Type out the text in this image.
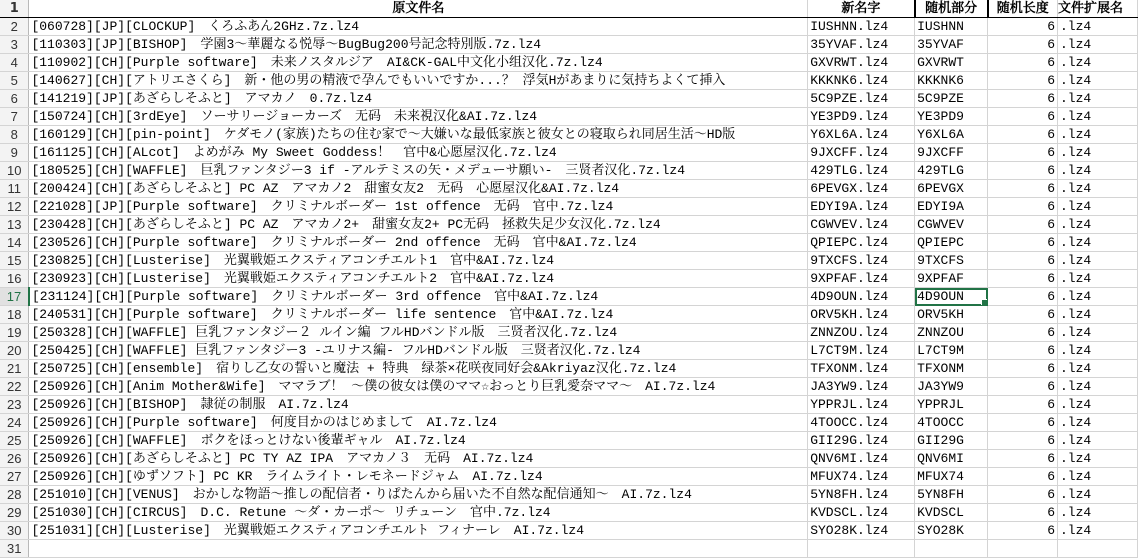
1	原文件名	新名字	随机部分	随机长度	文件扩展名
2	[060728][JP][CLOCKUP]　くろふあん2GHz.7z.lz4	IUSHNN.lz4	IUSHNN	6	.lz4
3	[110303][JP][BISHOP]　学園3～華麗なる悦辱～BugBug200号記念特別版.7z.lz4	35YVAF.lz4	35YVAF	6	.lz4
4	[110902][CH][Purple software]　未来ノスタルジア　AI&CK-GAL中文化小组汉化.7z.lz4	GXVRWT.lz4	GXVRWT	6	.lz4
5	[140627][CH][アトリエさくら]　新・他の男の精液で孕んでもいいですか...？ 浮気Hがあまりに気持ちよくて挿入	KKKNK6.lz4	KKKNK6	6	.lz4
6	[141219][JP][あざらしそふと]　アマカノ　0.7z.lz4	5C9PZE.lz4	5C9PZE	6	.lz4
7	[150724][CH][3rdEye]　ソーサリージョーカーズ　无码　未来視汉化&AI.7z.lz4	YE3PD9.lz4	YE3PD9	6	.lz4
8	[160129][CH][pin-point]　ケダモノ(家族)たちの住む家で～大嫌いな最低家族と彼女との寝取られ同居生活～HD版	Y6XL6A.lz4	Y6XL6A	6	.lz4
9	[161125][CH][ALcot]　よめがみ My Sweet Goddess！　官中&心愿屋汉化.7z.lz4	9JXCFF.lz4	9JXCFF	6	.lz4
10	[180525][CH][WAFFLE]　巨乳ファンタジー3 if -アルテミスの矢・メデューサ願い-　三贤者汉化.7z.lz4	429TLG.lz4	429TLG	6	.lz4
11	[200424][CH][あざらしそふと] PC AZ　アマカノ2　甜蜜女友2　无码　心愿屋汉化&AI.7z.lz4	6PEVGX.lz4	6PEVGX	6	.lz4
12	[221028][JP][Purple software]　クリミナルボーダー 1st offence　无码　官中.7z.lz4	EDYI9A.lz4	EDYI9A	6	.lz4
13	[230428][CH][あざらしそふと] PC AZ　アマカノ2+　甜蜜女友2+ PC无码　拯救失足少女汉化.7z.lz4	CGWVEV.lz4	CGWVEV	6	.lz4
14	[230526][CH][Purple software]　クリミナルボーダー 2nd offence　无码　官中&AI.7z.lz4	QPIEPC.lz4	QPIEPC	6	.lz4
15	[230825][CH][Lusterise]　光翼戦姫エクスティアコンチエルト1　官中&AI.7z.lz4	9TXCFS.lz4	9TXCFS	6	.lz4
16	[230923][CH][Lusterise]　光翼戦姫エクスティアコンチエルト2　官中&AI.7z.lz4	9XPFAF.lz4	9XPFAF	6	.lz4
17	[231124][CH][Purple software]　クリミナルボーダー 3rd offence　官中&AI.7z.lz4	4D9OUN.lz4	4D9OUN	6	.lz4
18	[240531][CH][Purple software]　クリミナルボーダー life sentence　官中&AI.7z.lz4	ORV5KH.lz4	ORV5KH	6	.lz4
19	[250328][CH][WAFFLE] 巨乳ファンタジー２ ルイン編 フルHDバンドル版　三贤者汉化.7z.lz4	ZNNZOU.lz4	ZNNZOU	6	.lz4
20	[250425][CH][WAFFLE] 巨乳ファンタジー3 -ユリナス編- フルHDバンドル版　三贤者汉化.7z.lz4	L7CT9M.lz4	L7CT9M	6	.lz4
21	[250725][CH][ensemble]　宿りし乙女の誓いと魔法 + 特典　绿茶×花咲夜同好会&Akriyaz汉化.7z.lz4	TFXONM.lz4	TFXONM	6	.lz4
22	[250926][CH][Anim Mother&Wife]　ママラブ！ ～僕の彼女は僕のママ☆おっとり巨乳愛奈ママ～　AI.7z.lz4	JA3YW9.lz4	JA3YW9	6	.lz4
23	[250926][CH][BISHOP]　隷従の制服　AI.7z.lz4	YPPRJL.lz4	YPPRJL	6	.lz4
24	[250926][CH][Purple software]　何度目かのはじめまして　AI.7z.lz4	4TOOCC.lz4	4TOOCC	6	.lz4
25	[250926][CH][WAFFLE]　ボクをほっとけない後輩ギャル　AI.7z.lz4	GII29G.lz4	GII29G	6	.lz4
26	[250926][CH][あざらしそふと] PC TY AZ IPA　アマカノ３　无码　AI.7z.lz4	QNV6MI.lz4	QNV6MI	6	.lz4
27	[250926][CH][ゆずソフト] PC KR　ライムライト・レモネードジャム　AI.7z.lz4	MFUX74.lz4	MFUX74	6	.lz4
28	[251010][CH][VENUS]　おかしな物語～推しの配信者・りぱたんから届いた不自然な配信通知～　AI.7z.lz4	5YN8FH.lz4	5YN8FH	6	.lz4
29	[251030][CH][CIRCUS]　D.C. Retune ～ダ・カーポ～ リチューン　官中.7z.lz4	KVDSCL.lz4	KVDSCL	6	.lz4
30	[251031][CH][Lusterise]　光翼戦姫エクスティアコンチエルト フィナーレ　AI.7z.lz4	SYO28K.lz4	SYO28K	6	.lz4
31					
